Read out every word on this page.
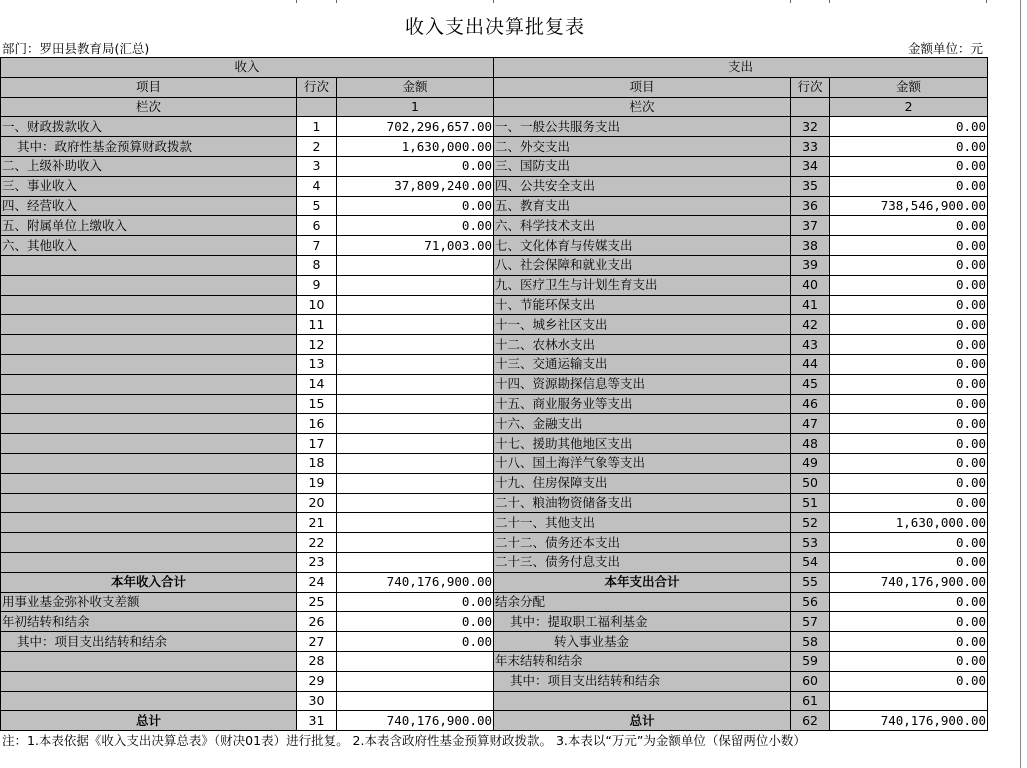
收入支出决算批复表
部门：罗田县教育局(汇总)	金额单位：元
收入			支出		
项目	行次	金额	项目	行次	金额
栏次		1	栏次		2
一、财政拨款收入	1	702,296,657.00	一、一般公共服务支出	32	0.00
其中：政府性基金预算财政拨款	2	1,630,000.00	二、外交支出	33	0.00
二、上级补助收入	3	0.00	三、国防支出	34	0.00
三、事业收入	4	37,809,240.00	四、公共安全支出	35	0.00
四、经营收入	5	0.00	五、教育支出	36	738,546,900.00
五、附属单位上缴收入	6	0.00	六、科学技术支出	37	0.00
六、其他收入	7	71,003.00	七、文化体育与传媒支出	38	0.00
	8		八、社会保障和就业支出	39	0.00
	9		九、医疗卫生与计划生育支出	40	0.00
	10		十、节能环保支出	41	0.00
	11		十一、城乡社区支出	42	0.00
	12		十二、农林水支出	43	0.00
	13		十三、交通运输支出	44	0.00
	14		十四、资源勘探信息等支出	45	0.00
	15		十五、商业服务业等支出	46	0.00
	16		十六、金融支出	47	0.00
	17		十七、援助其他地区支出	48	0.00
	18		十八、国土海洋气象等支出	49	0.00
	19		十九、住房保障支出	50	0.00
	20		二十、粮油物资储备支出	51	0.00
	21		二十一、其他支出	52	1,630,000.00
	22		二十二、债务还本支出	53	0.00
	23		二十三、债务付息支出	54	0.00
本年收入合计	24	740,176,900.00	本年支出合计	55	740,176,900.00
用事业基金弥补收支差额	25	0.00	结余分配	56	0.00
年初结转和结余	26	0.00	其中：提取职工福利基金	57	0.00
其中：项目支出结转和结余	27	0.00	转入事业基金	58	0.00
	28		年末结转和结余	59	0.00
	29		其中：项目支出结转和结余	60	0.00
	30			61	
总计	31	740,176,900.00	总计	62	740,176,900.00
注：1.本表依据《收入支出决算总表》（财决01表）进行批复。 2.本表含政府性基金预算财政拨款。 3.本表以“万元”为金额单位（保留两位小数）
